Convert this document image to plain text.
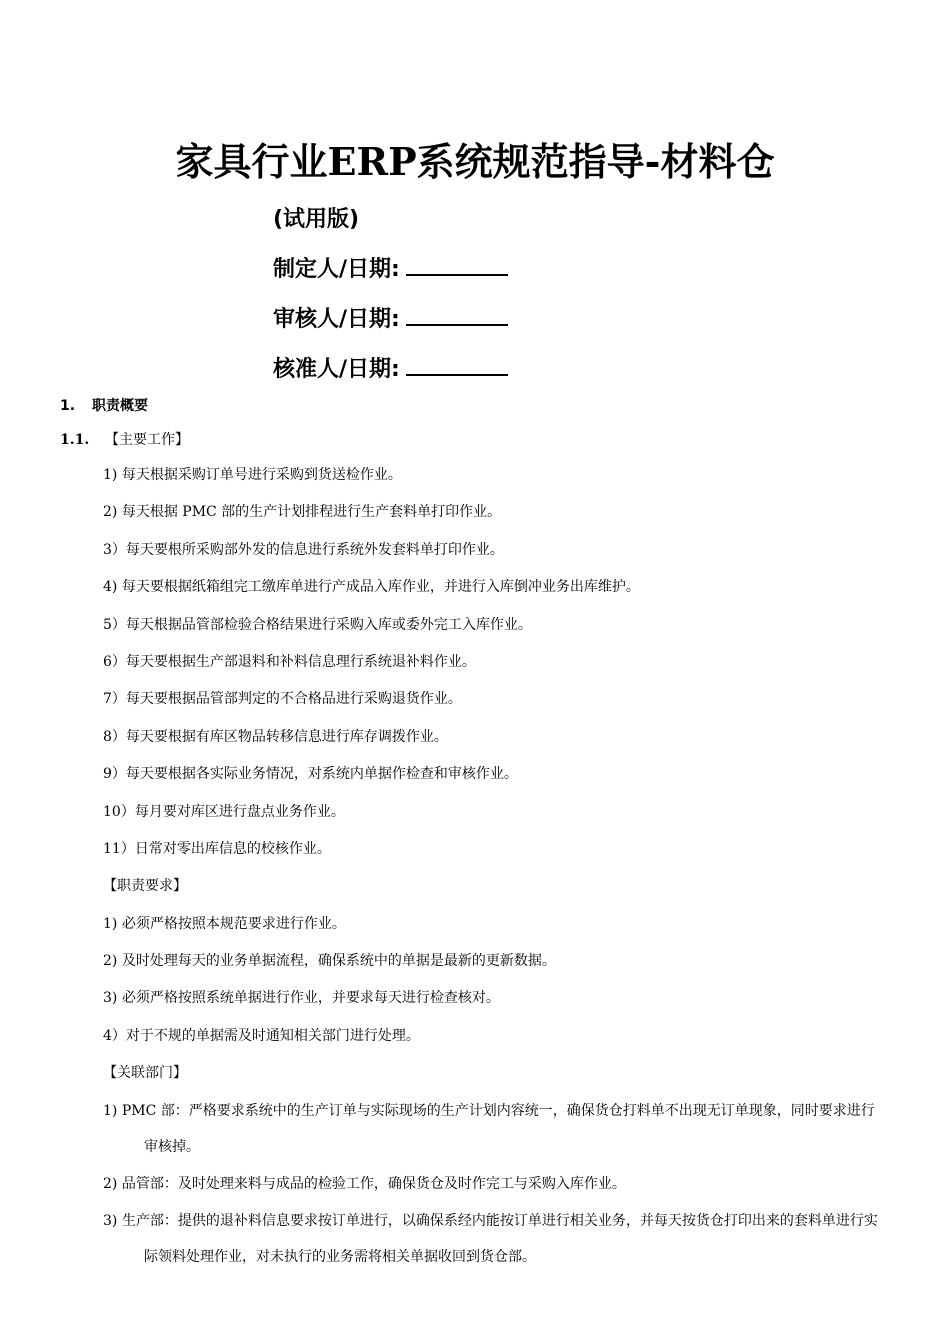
家具行业ERP系统规范指导-材料仓
(试用版)
制定人/日期:
审核人/日期:
核准人/日期:
1. 职责概要
1.1. 【主要工作】
1) 每天根据采购订单号进行采购到货送检作业。
2) 每天根据 PMC 部的生产计划排程进行生产套料单打印作业。
3）每天要根所采购部外发的信息进行系统外发套料单打印作业。
4) 每天要根据纸箱组完工缴库单进行产成品入库作业，并进行入库倒冲业务出库维护。
5）每天根据品管部检验合格结果进行采购入库或委外完工入库作业。
6）每天要根据生产部退料和补料信息理行系统退补料作业。
7）每天要根据品管部判定的不合格品进行采购退货作业。
8）每天要根据有库区物品转移信息进行库存调拨作业。
9）每天要根据各实际业务情况，对系统内单据作检查和审核作业。
10）每月要对库区进行盘点业务作业。
11）日常对零出库信息的校核作业。
【职责要求】
1) 必须严格按照本规范要求进行作业。
2) 及时处理每天的业务单据流程，确保系统中的单据是最新的更新数据。
3) 必须严格按照系统单据进行作业，并要求每天进行检查核对。
4）对于不规的单据需及时通知相关部门进行处理。
【关联部门】
1) PMC 部：严格要求系统中的生产订单与实际现场的生产计划内容统一，确保货仓打料单不出现无订单现象，同时要求进行审核掉。
2) 品管部：及时处理来料与成品的检验工作，确保货仓及时作完工与采购入库作业。
3) 生产部：提供的退补料信息要求按订单进行，以确保系经内能按订单进行相关业务，并每天按货仓打印出来的套料单进行实际领料处理作业，对未执行的业务需将相关单据收回到货仓部。
